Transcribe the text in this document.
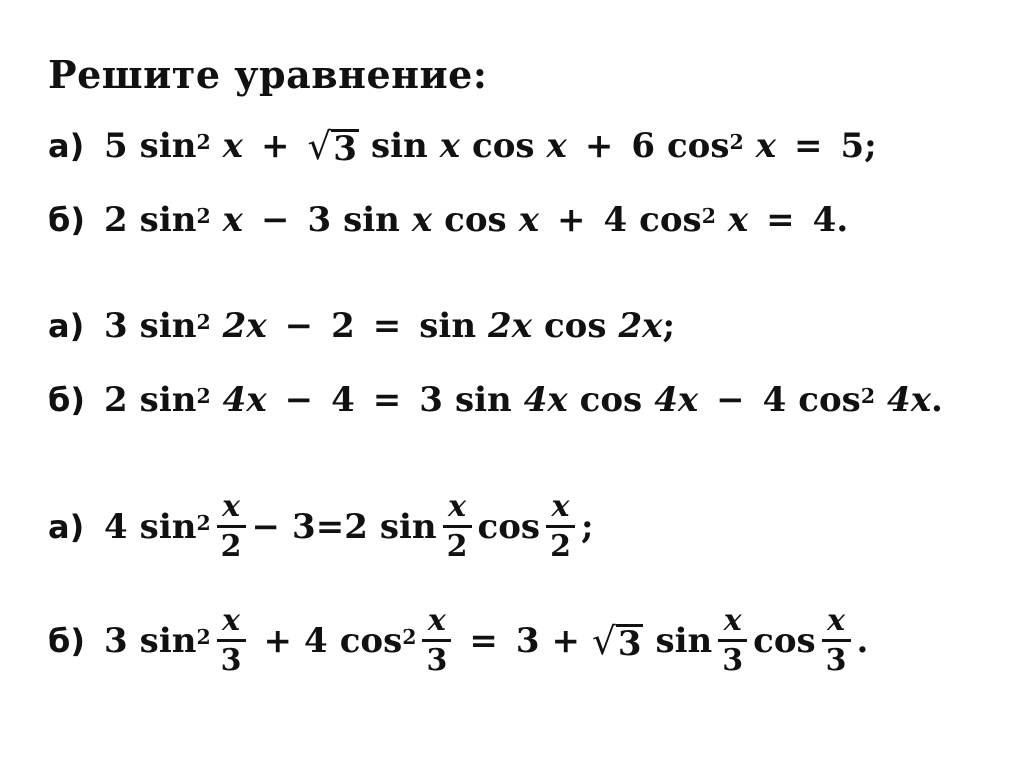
Решите уравнение:
а) 5 sin 2 x + √ 3 sin x cos x + 6 cos 2 x = 5 ;
б) 2 sin 2 x − 3 sin x cos x + 4 cos 2 x = 4 .
а) 3 sin 2 2x − 2 = sin 2x cos 2x ;
б) 2 sin 2 4x − 4 = 3 sin 4x cos 4x − 4 cos 2 4x .
а) 4 $\sin 2 \frac{x}{2} - 3 = 2$ $\sin \frac{x}{2}$ $\cos \frac{x}{2}$ ;
б) 3 $\sin 2 \frac{x}{3} + 4$ $\cos 2 \frac{x}{3} = 3$ + √ 3 $\sin \frac{x}{3}$ $\cos \frac{x}{3}$ .
